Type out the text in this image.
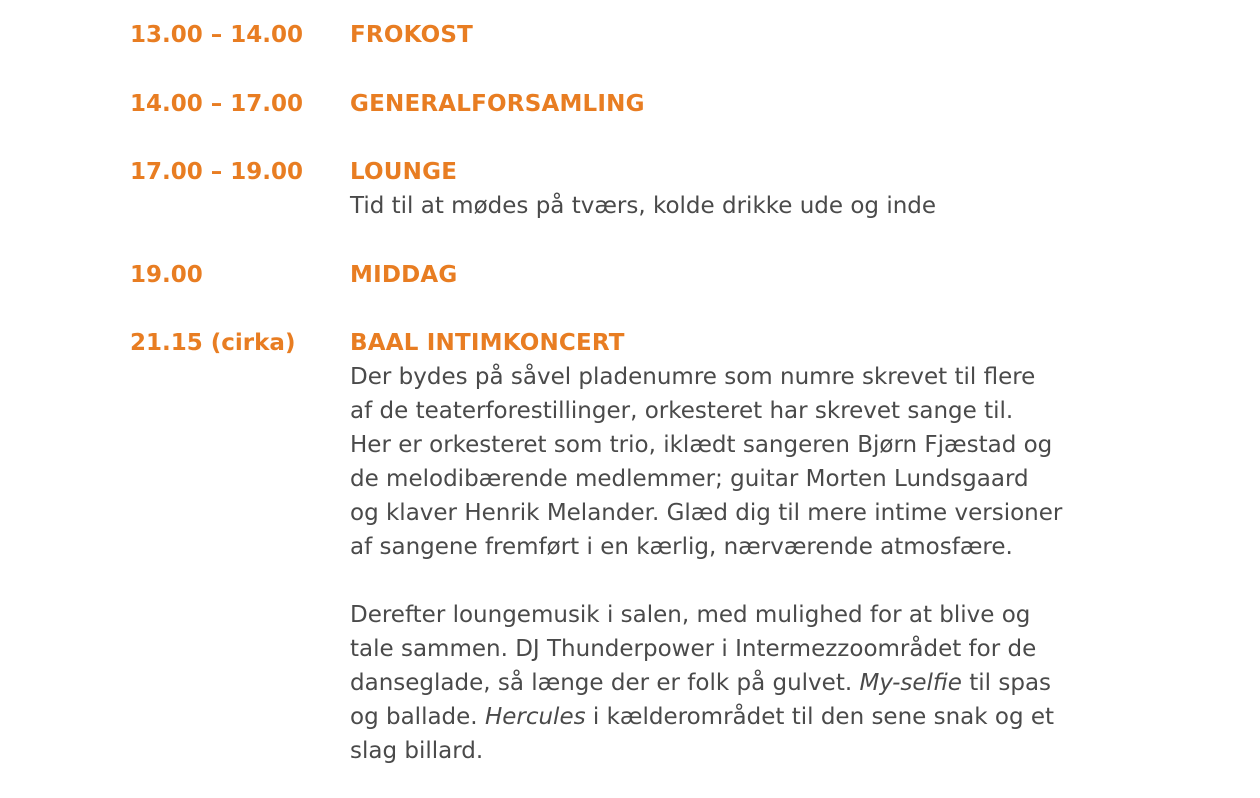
13.00 – 14.00	FROKOST
14.00 – 17.00	GENERALFORSAMLING
17.00 – 19.00	LOUNGE

Tid til at mødes på tværs, kolde drikke ude og inde

19.00	MIDDAG
21.15 (cirka)	BAAL INTIMKONCERT

Der bydes på såvel pladenumre som numre skrevet til flere
af de teaterforestillinger, orkesteret har skrevet sange til.
Her er orkesteret som trio, iklædt sangeren Bjørn Fjæstad og
de melodibærende medlemmer; guitar Morten Lundsgaard
og klaver Henrik Melander. Glæd dig til mere intime versioner
af sangene fremført i en kærlig, nærværende atmosfære.

Derefter loungemusik i salen, med mulighed for at blive og
tale sammen. DJ Thunderpower i Intermezzoområdet for de
danseglade, så længe der er folk på gulvet. My-selfie til spas
og ballade. Hercules i kælderområdet til den sene snak og et
slag billard.
